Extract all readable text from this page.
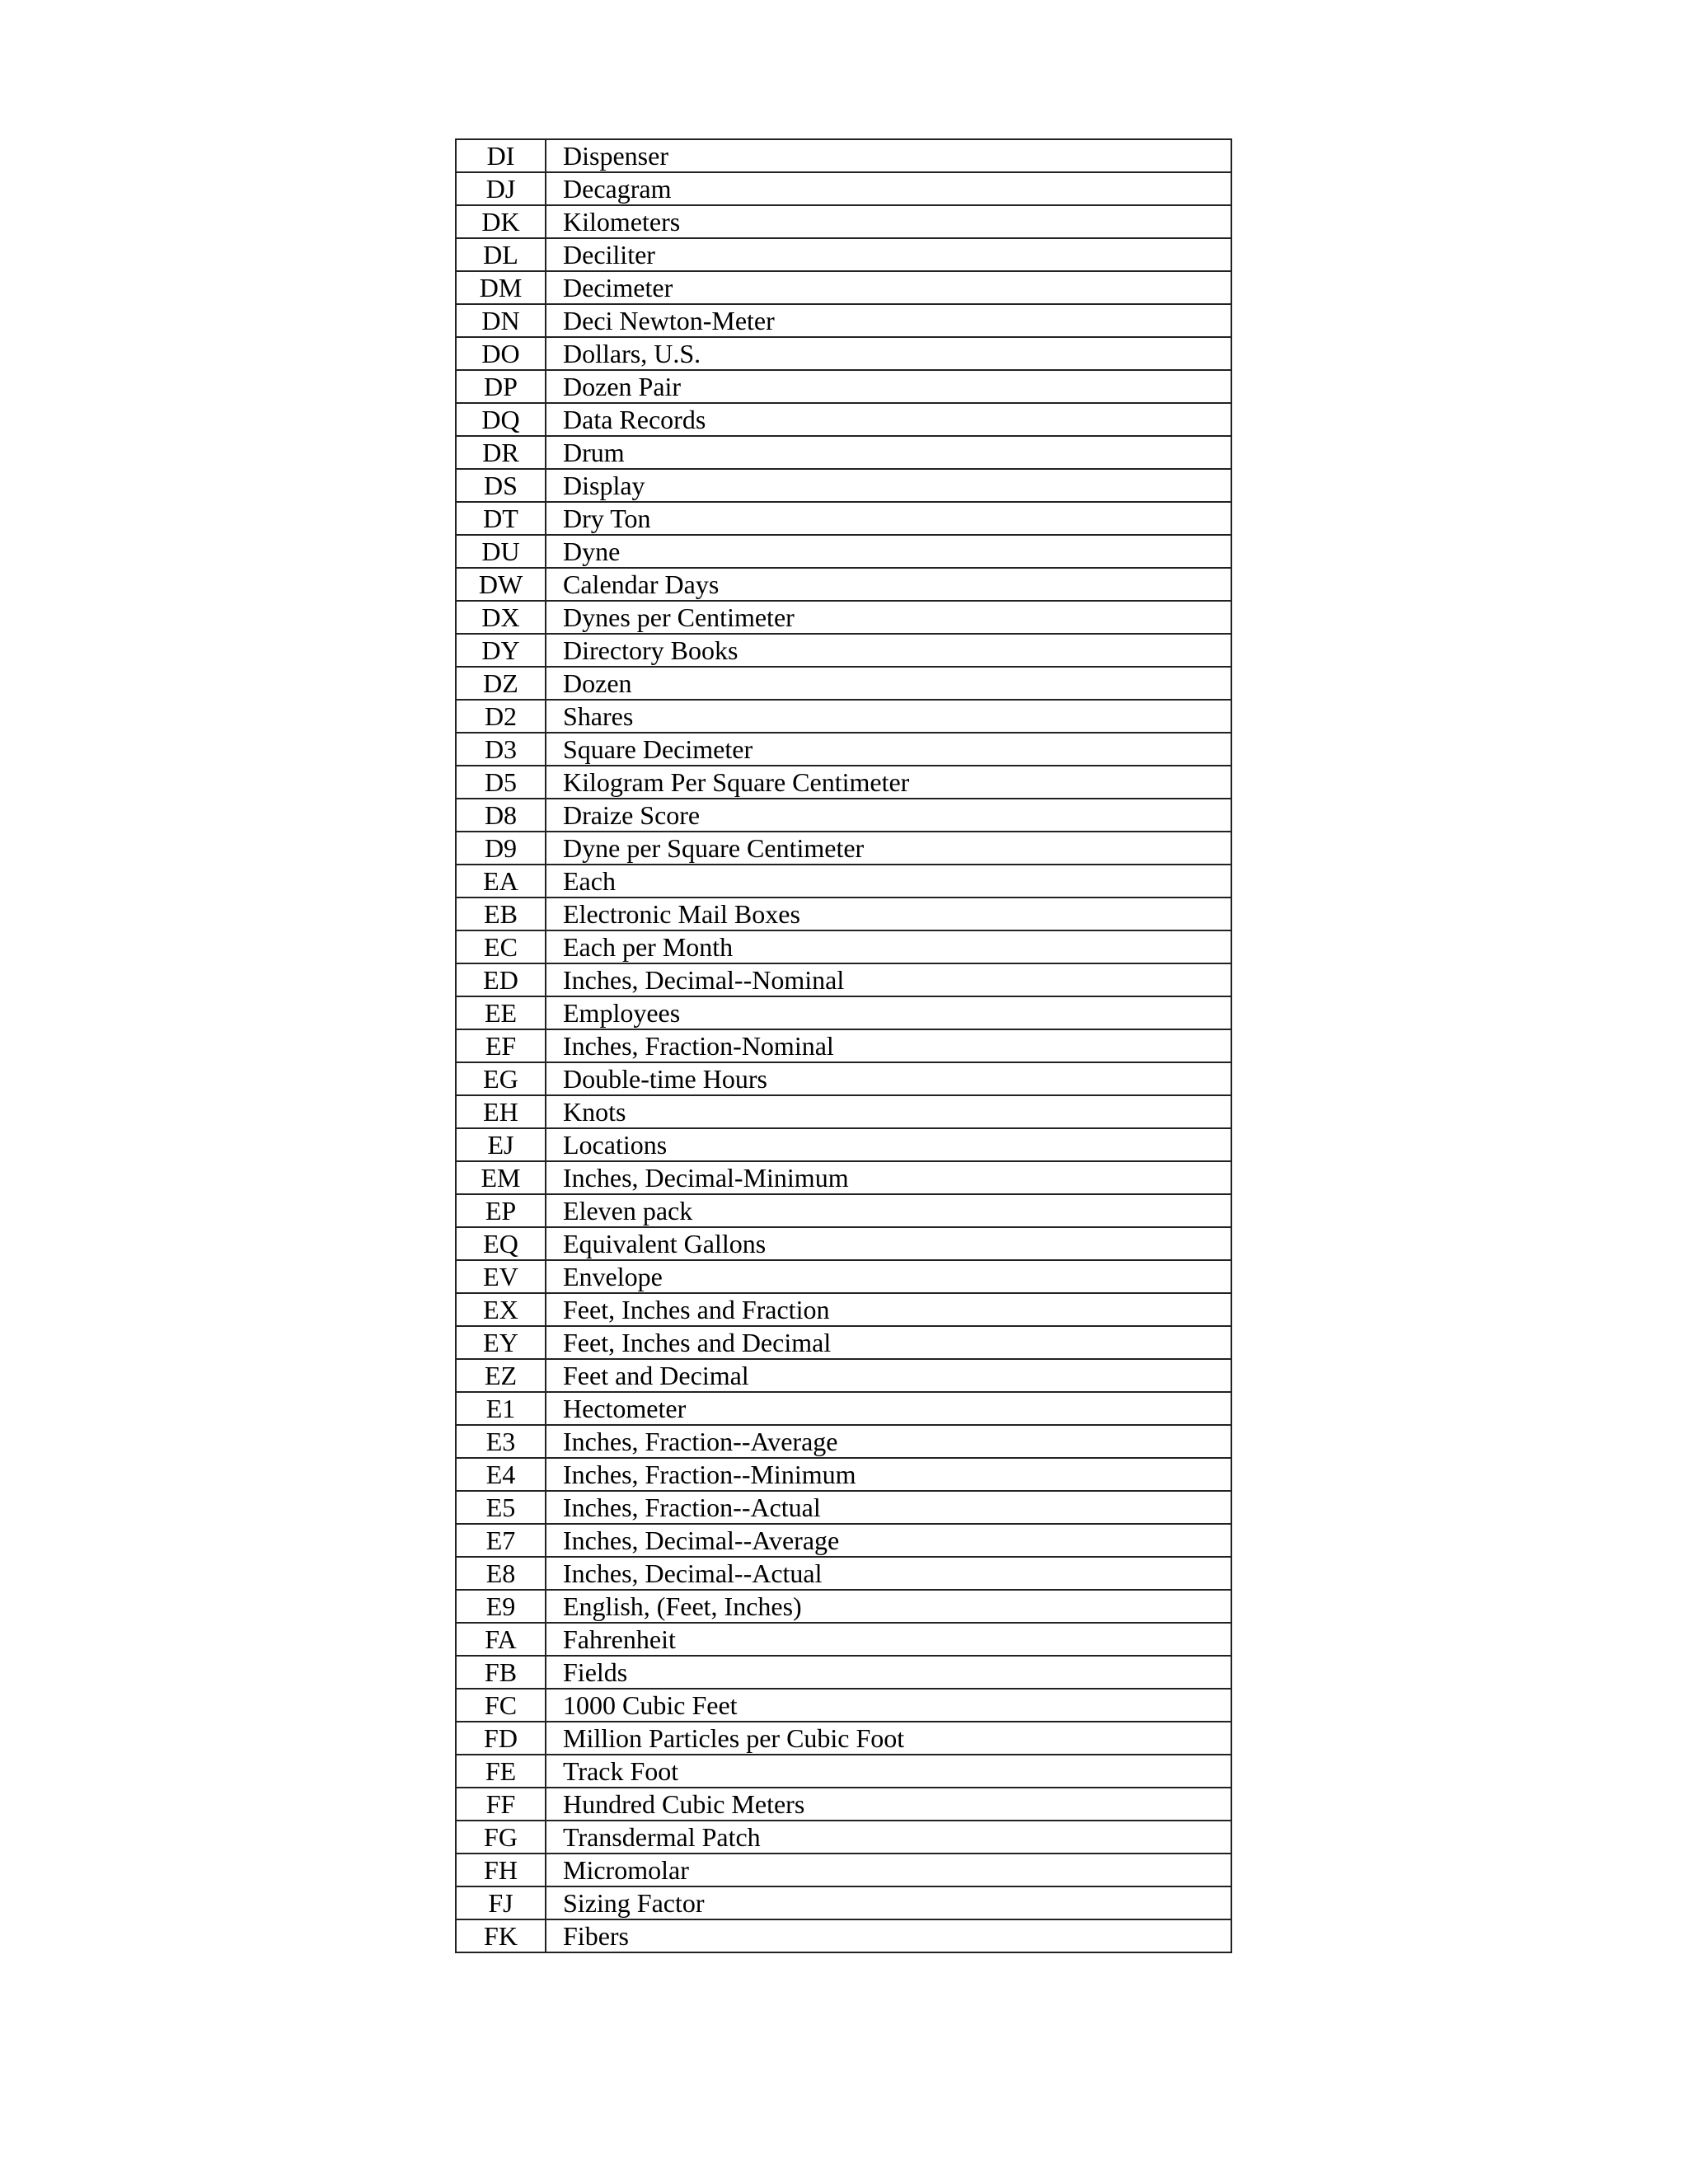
DI	Dispenser
DJ	Decagram
DK	Kilometers
DL	Deciliter
DM	Decimeter
DN	Deci Newton-Meter
DO	Dollars, U.S.
DP	Dozen Pair
DQ	Data Records
DR	Drum
DS	Display
DT	Dry Ton
DU	Dyne
DW	Calendar Days
DX	Dynes per Centimeter
DY	Directory Books
DZ	Dozen
D2	Shares
D3	Square Decimeter
D5	Kilogram Per Square Centimeter
D8	Draize Score
D9	Dyne per Square Centimeter
EA	Each
EB	Electronic Mail Boxes
EC	Each per Month
ED	Inches, Decimal--Nominal
EE	Employees
EF	Inches, Fraction-Nominal
EG	Double-time Hours
EH	Knots
EJ	Locations
EM	Inches, Decimal-Minimum
EP	Eleven pack
EQ	Equivalent Gallons
EV	Envelope
EX	Feet, Inches and Fraction
EY	Feet, Inches and Decimal
EZ	Feet and Decimal
E1	Hectometer
E3	Inches, Fraction--Average
E4	Inches, Fraction--Minimum
E5	Inches, Fraction--Actual
E7	Inches, Decimal--Average
E8	Inches, Decimal--Actual
E9	English, (Feet, Inches)
FA	Fahrenheit
FB	Fields
FC	1000 Cubic Feet
FD	Million Particles per Cubic Foot
FE	Track Foot
FF	Hundred Cubic Meters
FG	Transdermal Patch
FH	Micromolar
FJ	Sizing Factor
FK	Fibers
